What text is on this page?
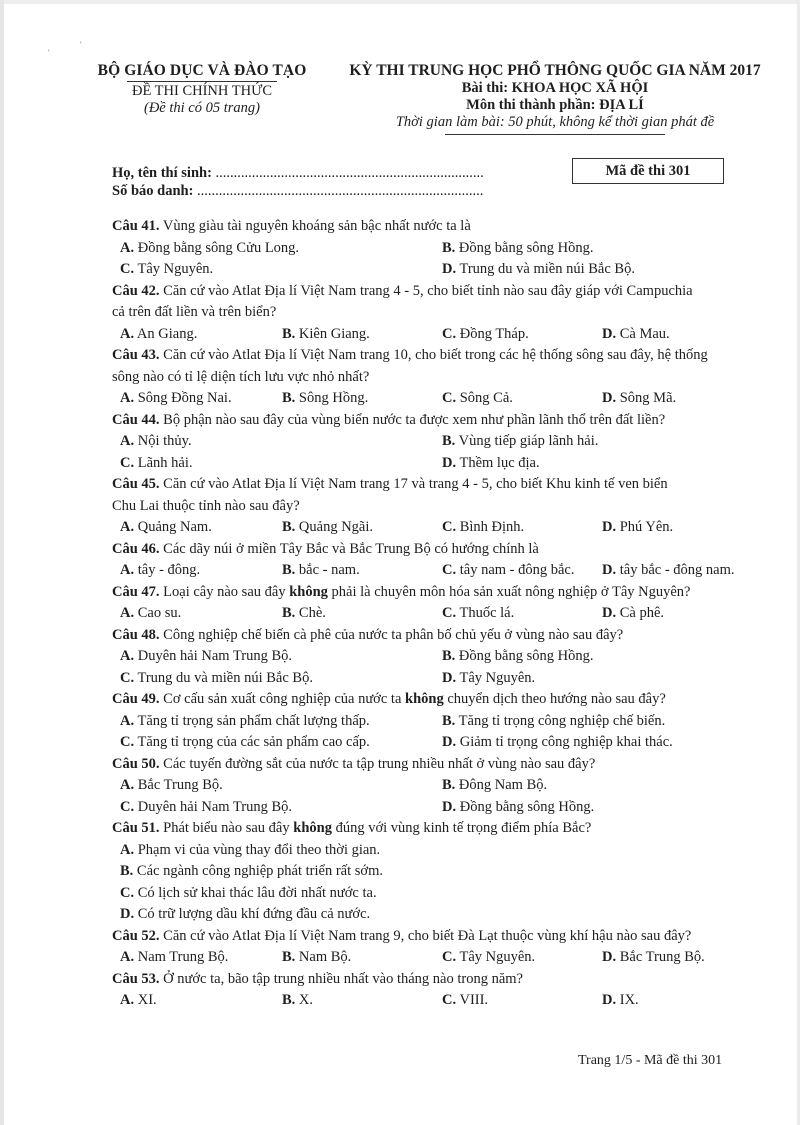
'
'
BỘ GIÁO DỤC VÀ ĐÀO TẠO
ĐỀ THI CHÍNH THỨC
(Đề thi có 05 trang)
KỲ THI TRUNG HỌC PHỔ THÔNG QUỐC GIA NĂM 2017
Bài thi: KHOA HỌC XÃ HỘI
Môn thi thành phần: ĐỊA LÍ
Thời gian làm bài: 50 phút, không kể thời gian phát đề
Họ, tên thí sinh: ..........................................................................
Số báo danh: ...............................................................................
Mã đề thi 301
Câu 41. Vùng giàu tài nguyên khoáng sản bậc nhất nước ta là
A. Đồng bằng sông Cửu Long.	B. Đồng bằng sông Hồng.
C. Tây Nguyên.	D. Trung du và miền núi Bắc Bộ.
Câu 42. Căn cứ vào Atlat Địa lí Việt Nam trang 4 - 5, cho biết tỉnh nào sau đây giáp với Campuchia
cả trên đất liền và trên biển?
A. An Giang.	B. Kiên Giang.	C. Đồng Tháp.	D. Cà Mau.
Câu 43. Căn cứ vào Atlat Địa lí Việt Nam trang 10, cho biết trong các hệ thống sông sau đây, hệ thống
sông nào có tỉ lệ diện tích lưu vực nhỏ nhất?
A. Sông Đồng Nai.	B. Sông Hồng.	C. Sông Cả.	D. Sông Mã.
Câu 44. Bộ phận nào sau đây của vùng biển nước ta được xem như phần lãnh thổ trên đất liền?
A. Nội thủy.	B. Vùng tiếp giáp lãnh hải.
C. Lãnh hải.	D. Thềm lục địa.
Câu 45. Căn cứ vào Atlat Địa lí Việt Nam trang 17 và trang 4 - 5, cho biết Khu kinh tế ven biển
Chu Lai thuộc tỉnh nào sau đây?
A. Quảng Nam.	B. Quảng Ngãi.	C. Bình Định.	D. Phú Yên.
Câu 46. Các dãy núi ở miền Tây Bắc và Bắc Trung Bộ có hướng chính là
A. tây - đông.	B. bắc - nam.	C. tây nam - đông bắc. D. tây bắc - đông nam.
Câu 47. Loại cây nào sau đây không phải là chuyên môn hóa sản xuất nông nghiệp ở Tây Nguyên?
A. Cao su.	B. Chè.	C. Thuốc lá.	D. Cà phê.
Câu 48. Công nghiệp chế biến cà phê của nước ta phân bố chủ yếu ở vùng nào sau đây?
A. Duyên hải Nam Trung Bộ.	B. Đồng bằng sông Hồng.
C. Trung du và miền núi Bắc Bộ.	D. Tây Nguyên.
Câu 49. Cơ cấu sản xuất công nghiệp của nước ta không chuyển dịch theo hướng nào sau đây?
A. Tăng tỉ trọng sản phẩm chất lượng thấp.	B. Tăng tỉ trọng công nghiệp chế biến.
C. Tăng tỉ trọng của các sản phẩm cao cấp.	D. Giảm tỉ trọng công nghiệp khai thác.
Câu 50. Các tuyến đường sắt của nước ta tập trung nhiều nhất ở vùng nào sau đây?
A. Bắc Trung Bộ.	B. Đông Nam Bộ.
C. Duyên hải Nam Trung Bộ.	D. Đồng bằng sông Hồng.
Câu 51. Phát biểu nào sau đây không đúng với vùng kinh tế trọng điểm phía Bắc?
A. Phạm vi của vùng thay đổi theo thời gian.
B. Các ngành công nghiệp phát triển rất sớm.
C. Có lịch sử khai thác lâu đời nhất nước ta.
D. Có trữ lượng dầu khí đứng đầu cả nước.
Câu 52. Căn cứ vào Atlat Địa lí Việt Nam trang 9, cho biết Đà Lạt thuộc vùng khí hậu nào sau đây?
A. Nam Trung Bộ.	B. Nam Bộ.	C. Tây Nguyên.	D. Bắc Trung Bộ.
Câu 53. Ở nước ta, bão tập trung nhiều nhất vào tháng nào trong năm?
A. XI.	B. X.	C. VIII.	D. IX.
Trang 1/5 - Mã đề thi 301
